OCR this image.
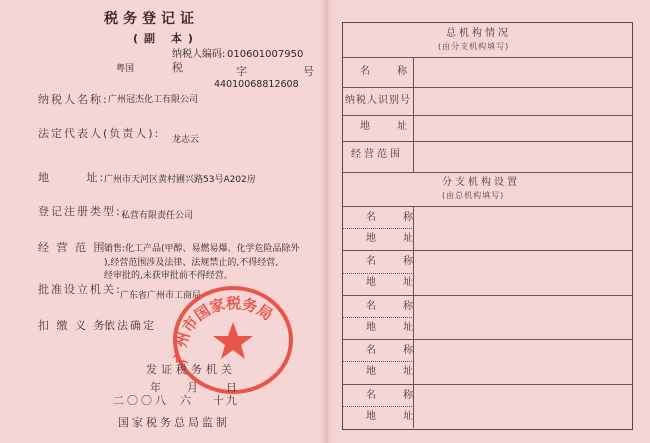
税务登记证
(副 本)
纳税人编码: 010601007950
粤国	税	字	号
44010068812608
纳税人名称: 广州冠杰化工有限公司
法定代表人(负责人): 龙志云
地 址:
广州市天河区黄村圃兴路53号A202房
登记注册类型: 私营有限责任公司
经 营 范 围:
销售:化工产品(甲醇、易燃易爆、化学危险品除外
),经营范围涉及法律、法规禁止的,不得经营,
经审批的,未获审批前不得经营。
批准设立机关:
广东省广州市工商局
扣 缴 义 务:
依法确定
广州市国家税务局
发证税务机关
年 月 日
二〇〇八 六 十九
国家税务总局监制
总机构情况
(由分支机构填写)
名 称
纳税人识别号
地 址
经营范围
分支机构设置
(由总机构填写)
名 称
地 址
名 称
地 址
名 称
地 址
名 称
地 址
名 称
地 址
